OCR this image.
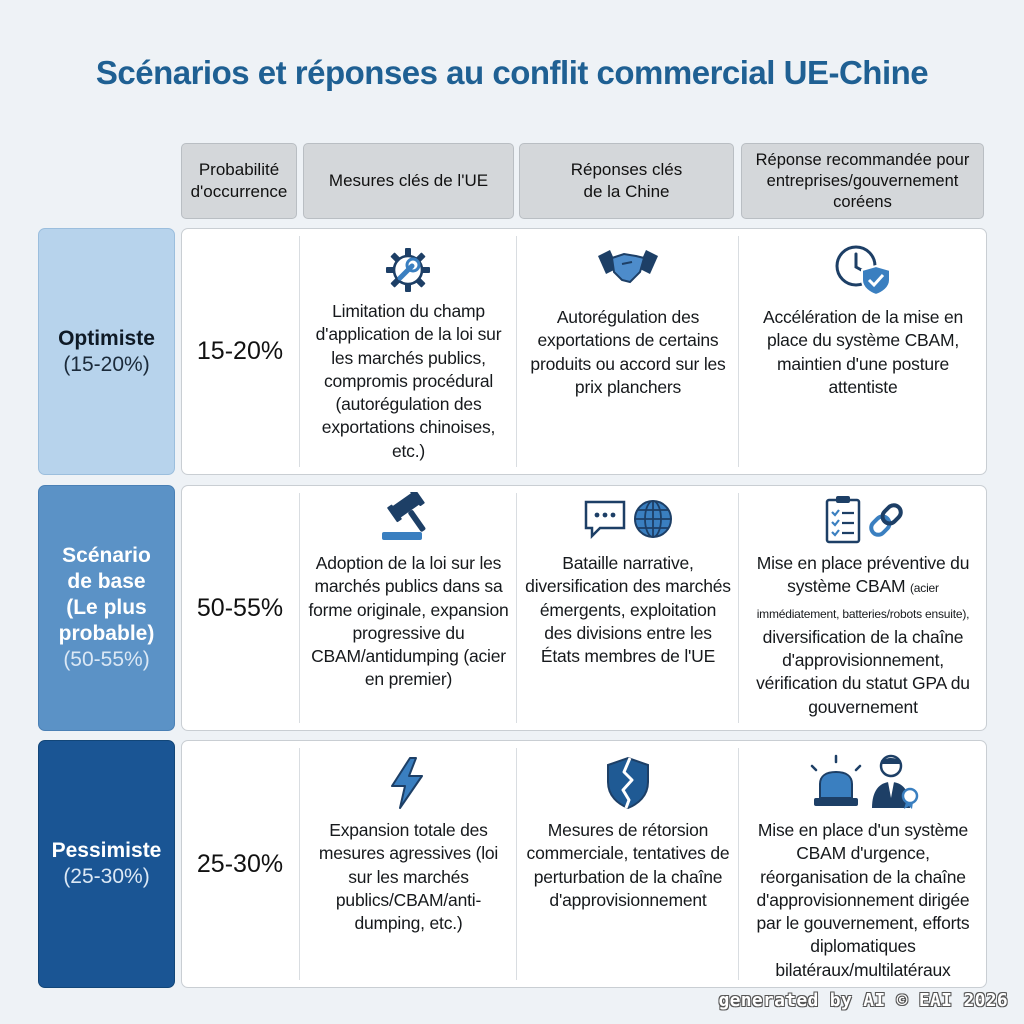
Scénarios et réponses au conflit commercial UE-Chine
Probabilité d'occurrence
Mesures clés de l'UE
Réponses clés de la Chine
Réponse recommandée pour entreprises/gouvernement coréens
Optimiste
(15-20%)	15-20%
Limitation du champ d'application de la loi sur les marchés publics, compromis procédural (autorégulation des exportations chinoises, etc.)
Autorégulation des exportations de certains produits ou accord sur les prix planchers
Accélération de la mise en place du système CBAM, maintien d'une posture attentiste
Scénario
de base
(Le plus
probable)
(50-55%)
50-55%
Adoption de la loi sur les marchés publics dans sa forme originale, expansion progressive du CBAM/antidumping (acier en premier)
Bataille narrative, diversification des marchés émergents, exploitation des divisions entre les États membres de l'UE
Mise en place préventive du système CBAM (acier immédiatement, batteries/robots ensuite), diversification de la chaîne d'approvisionnement, vérification du statut GPA du gouvernement
Pessimiste
(25-30%)	25-30%
Expansion totale des mesures agressives (loi sur les marchés publics/CBAM/anti-dumping, etc.)
Mesures de rétorsion commerciale, tentatives de perturbation de la chaîne d'approvisionnement
Mise en place d'un système CBAM d'urgence, réorganisation de la chaîne d'approvisionnement dirigée par le gouvernement, efforts diplomatiques bilatéraux/multilatéraux
generated by AI © EAI 2026
